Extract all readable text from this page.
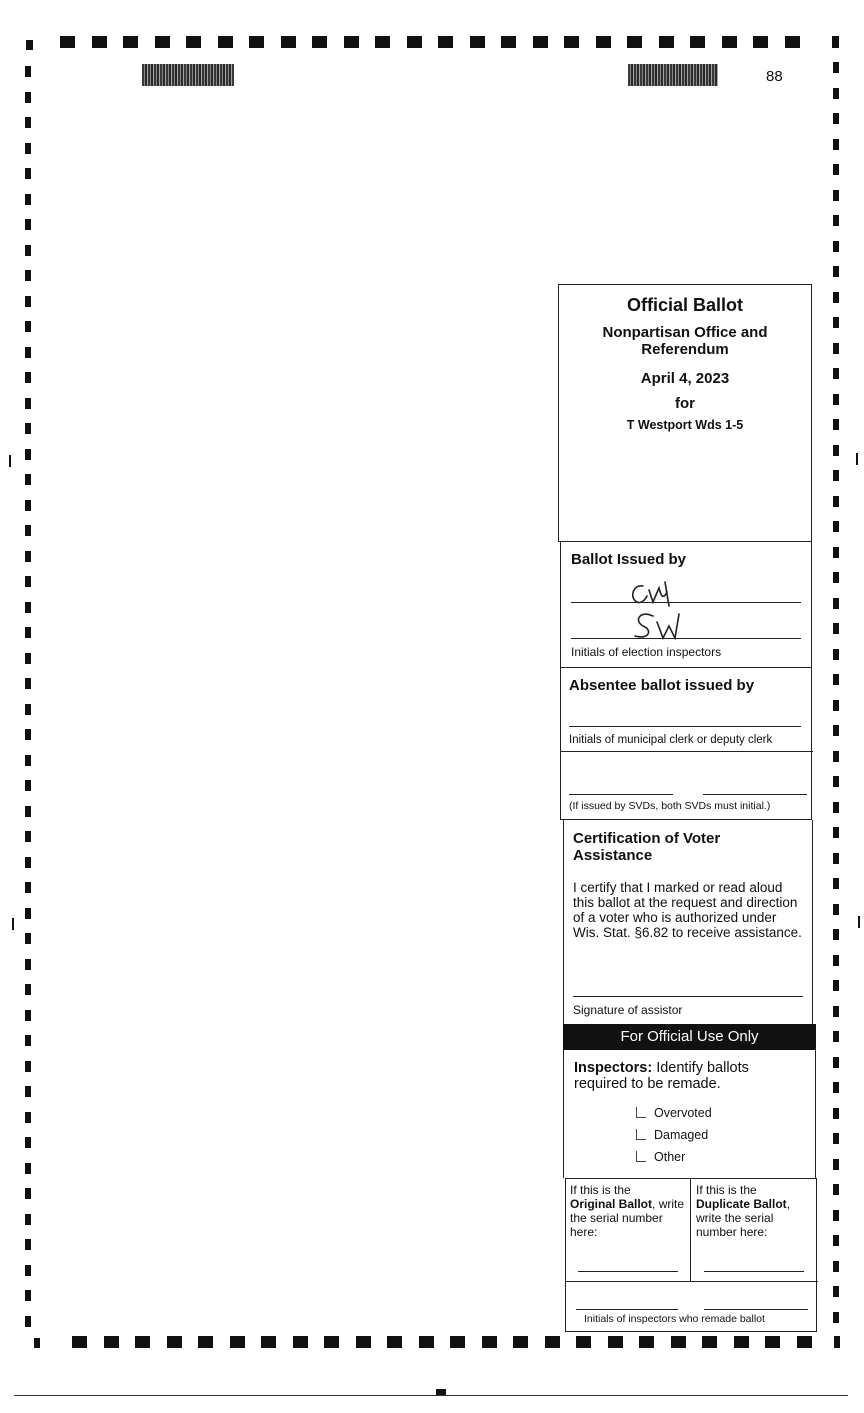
88
Official Ballot
Nonpartisan Office and Referendum
April 4, 2023
for
T Westport Wds 1-5
Ballot Issued by
Initials of election inspectors
Absentee ballot issued by
Initials of municipal clerk or deputy clerk
(If issued by SVDs, both SVDs must initial.)
Certification of Voter Assistance
I certify that I marked or read aloud this ballot at the request and direction of a voter who is authorized under Wis. Stat. §6.82 to receive assistance.
Signature of assistor
For Official Use Only
Inspectors: Identify ballots required to be remade.
Overvoted
Damaged
Other
If this is the
Original Ballot, write the serial number here:
If this is the
Duplicate Ballot, write the serial number here:
Initials of inspectors who remade ballot
